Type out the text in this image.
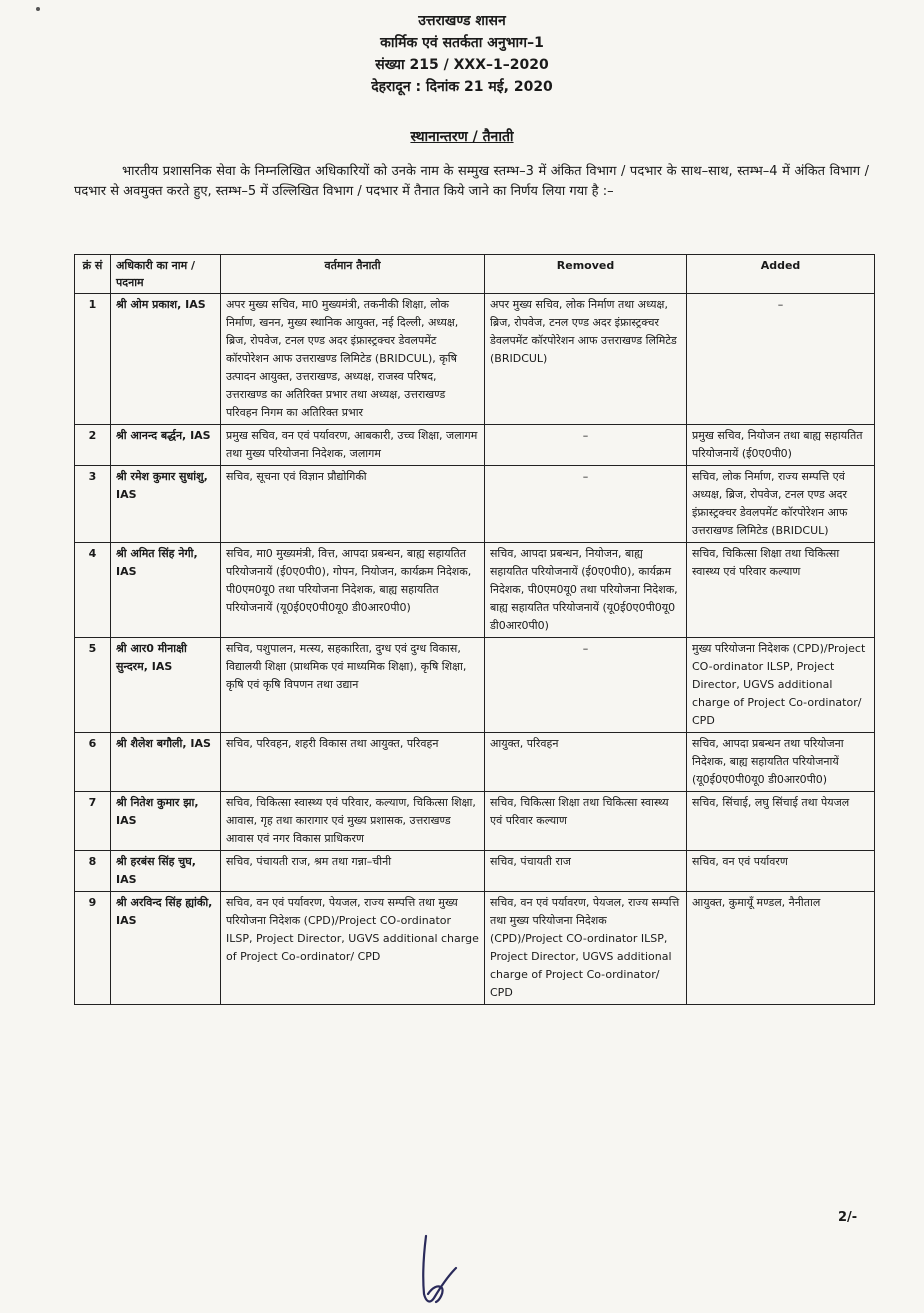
उत्तराखण्ड शासन
कार्मिक एवं सतर्कता अनुभाग–1
संख्या 215 / XXX–1–2020
देहरादून : दिनांक 21 मई, 2020
स्थानान्तरण / तैनाती
भारतीय प्रशासनिक सेवा के निम्नलिखित अधिकारियों को उनके नाम के सम्मुख स्तम्भ–3 में अंकित विभाग / पदभार के साथ–साथ, स्तम्भ–4 में अंकित विभाग / पदभार से अवमुक्त करते हुए, स्तम्भ–5 में उल्लिखित विभाग / पदभार में तैनात किये जाने का निर्णय लिया गया है :–
क्रं सं	अधिकारी का नाम /पदनाम	वर्तमान तैनाती	Removed	Added
1	श्री ओम प्रकाश, IAS	अपर मुख्य सचिव, मा0 मुख्यमंत्री, तकनीकी शिक्षा, लोक निर्माण, खनन, मुख्य स्थानिक आयुक्त, नई दिल्ली, अध्यक्ष, ब्रिज, रोपवेज, टनल एण्ड अदर इंफ्रास्ट्रक्चर डेवलपमेंट कॉरपोरेशन आफ उत्तराखण्ड लिमिटेड (BRIDCUL), कृषि उत्पादन आयुक्त, उत्तराखण्ड, अध्यक्ष, राजस्व परिषद, उत्तराखण्ड का अतिरिक्त प्रभार तथा अध्यक्ष, उत्तराखण्ड परिवहन निगम का अतिरिक्त प्रभार	अपर मुख्य सचिव, लोक निर्माण तथा अध्यक्ष, ब्रिज, रोपवेज, टनल एण्ड अदर इंफ्रास्ट्रक्चर डेवलपमेंट कॉरपोरेशन आफ उत्तराखण्ड लिमिटेड (BRIDCUL)	–
2	श्री आनन्द बर्द्धन, IAS	प्रमुख सचिव, वन एवं पर्यावरण, आबकारी, उच्च शिक्षा, जलागम तथा मुख्य परियोजना निदेशक, जलागम	–	प्रमुख सचिव, नियोजन तथा बाह्य सहायतित परियोजनायें (ई0ए0पी0)
3	श्री रमेश कुमार सुधांशु, IAS	सचिव, सूचना एवं विज्ञान प्रौद्योगिकी	–	सचिव, लोक निर्माण, राज्य सम्पत्ति एवं अध्यक्ष, ब्रिज, रोपवेज, टनल एण्ड अदर इंफ्रास्ट्रक्चर डेवलपमेंट कॉरपोरेशन आफ उत्तराखण्ड लिमिटेड (BRIDCUL)
4	श्री अमित सिंह नेगी, IAS	सचिव, मा0 मुख्यमंत्री, वित्त, आपदा प्रबन्धन, बाह्य सहायतित परियोजनायें (ई0ए0पी0), गोपन, नियोजन, कार्यक्रम निदेशक, पी0एम0यू0 तथा परियोजना निदेशक, बाह्य सहायतित परियोजनायें (यू0ई0ए0पी0यू0 डी0आर0पी0)	सचिव, आपदा प्रबन्धन, नियोजन, बाह्य सहायतित परियोजनायें (ई0ए0पी0), कार्यक्रम निदेशक, पी0एम0यू0 तथा परियोजना निदेशक, बाह्य सहायतित परियोजनायें (यू0ई0ए0पी0यू0 डी0आर0पी0)	सचिव, चिकित्सा शिक्षा तथा चिकित्सा स्वास्थ्य एवं परिवार कल्याण
5	श्री आर0 मीनाक्षी सुन्दरम, IAS	सचिव, पशुपालन, मत्स्य, सहकारिता, दुग्ध एवं दुग्ध विकास, विद्यालयी शिक्षा (प्राथमिक एवं माध्यमिक शिक्षा), कृषि शिक्षा, कृषि एवं कृषि विपणन तथा उद्यान	–	मुख्य परियोजना निदेशक (CPD)/Project CO-ordinator ILSP, Project Director, UGVS additional charge of Project Co-ordinator/ CPD
6	श्री शैलेश बगौली, IAS	सचिव, परिवहन, शहरी विकास तथा आयुक्त, परिवहन	आयुक्त, परिवहन	सचिव, आपदा प्रबन्धन तथा परियोजना निदेशक, बाह्य सहायतित परियोजनायें (यू0ई0ए0पी0यू0 डी0आर0पी0)
7	श्री नितेश कुमार झा, IAS	सचिव, चिकित्सा स्वास्थ्य एवं परिवार, कल्याण, चिकित्सा शिक्षा, आवास, गृह तथा कारागार एवं मुख्य प्रशासक, उत्तराखण्ड आवास एवं नगर विकास प्राधिकरण	सचिव, चिकित्सा शिक्षा तथा चिकित्सा स्वास्थ्य एवं परिवार कल्याण	सचिव, सिंचाई, लघु सिंचाई तथा पेयजल
8	श्री हरबंस सिंह चुघ, IAS	सचिव, पंचायती राज, श्रम तथा गन्ना–चीनी	सचिव, पंचायती राज	सचिव, वन एवं पर्यावरण
9	श्री अरविन्द सिंह ह्यांकी, IAS	सचिव, वन एवं पर्यावरण, पेयजल, राज्य सम्पत्ति तथा मुख्य परियोजना निदेशक (CPD)/Project CO-ordinator ILSP, Project Director, UGVS additional charge of Project Co-ordinator/ CPD	सचिव, वन एवं पर्यावरण, पेयजल, राज्य सम्पत्ति तथा मुख्य परियोजना निदेशक (CPD)/Project CO-ordinator ILSP, Project Director, UGVS additional charge of Project Co-ordinator/ CPD	आयुक्त, कुमायूँ मण्डल, नैनीताल
2/-
